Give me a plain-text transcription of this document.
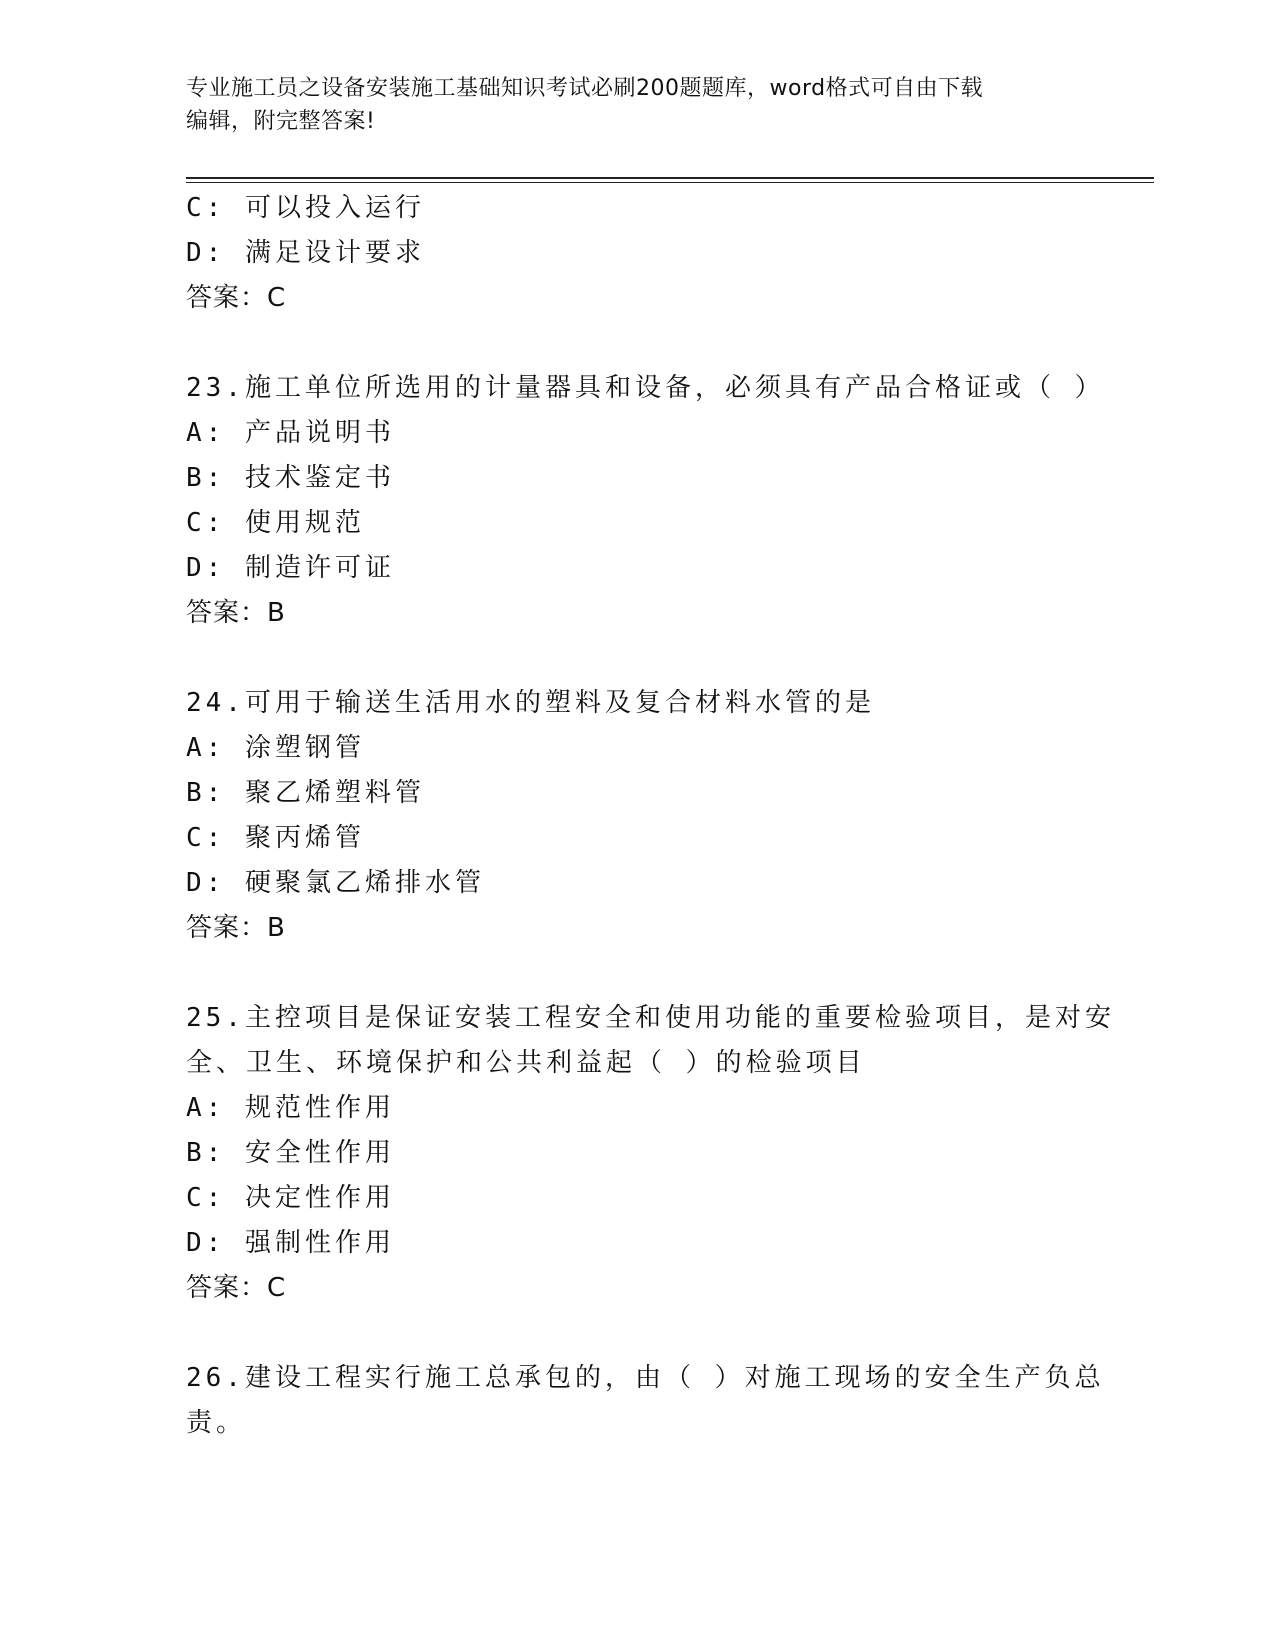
专业施工员之设备安装施工基础知识考试必刷200题题库，word格式可自由下载
编辑，附完整答案!
C: 可以投入运行
D: 满足设计要求
答案：C
23.施工单位所选用的计量器具和设备，必须具有产品合格证或（ ）
A: 产品说明书
B: 技术鉴定书
C: 使用规范
D: 制造许可证
答案：B
24.可用于输送生活用水的塑料及复合材料水管的是
A: 涂塑钢管
B: 聚乙烯塑料管
C: 聚丙烯管
D: 硬聚氯乙烯排水管
答案：B
25.主控项目是保证安装工程安全和使用功能的重要检验项目，是对安
全、卫生、环境保护和公共利益起（ ）的检验项目
A: 规范性作用
B: 安全性作用
C: 决定性作用
D: 强制性作用
答案：C
26.建设工程实行施工总承包的，由（ ）对施工现场的安全生产负总
责。
